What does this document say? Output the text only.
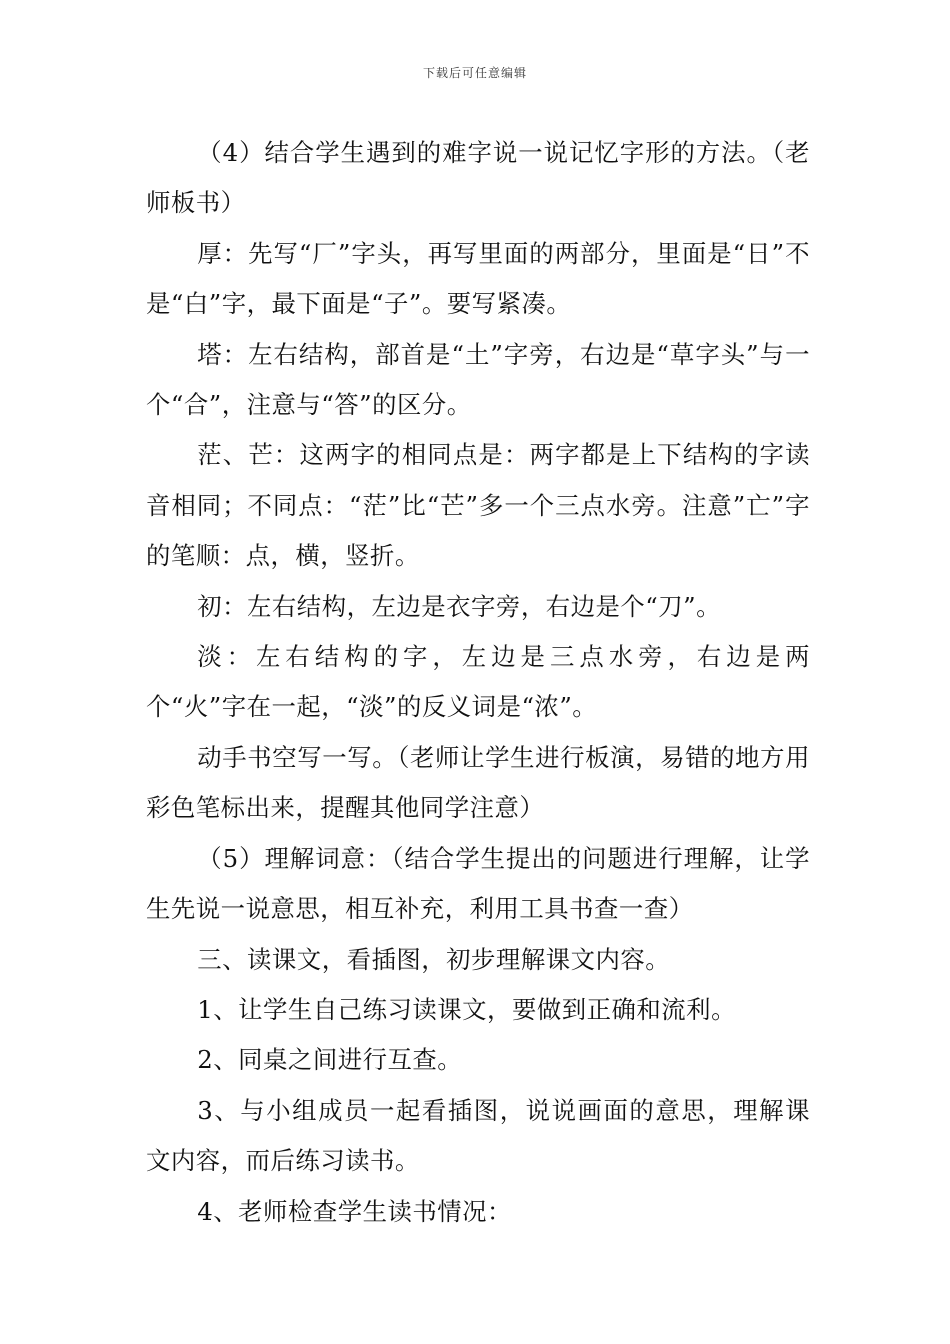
下载后可任意编辑

（4）结合学生遇到的难字说一说记忆字形的方法。（老师板书）

厚：先写“厂”字头，再写里面的两部分，里面是“日”不是“白”字，最下面是“子”。要写紧凑。

塔：左右结构，部首是“土”字旁，右边是“草字头”与一个“合”，注意与“答”的区分。

茫、芒：这两字的相同点是：两字都是上下结构的字读音相同；不同点：“茫”比“芒”多一个三点水旁。注意”亡”字的笔顺：点，横，竖折。

初：左右结构，左边是衣字旁，右边是个“刀”。

淡：左右结构的字，左边是三点水旁，右边是两个“火”字在一起，“淡”的反义词是“浓”。

动手书空写一写。（老师让学生进行板演，易错的地方用彩色笔标出来，提醒其他同学注意）

（5）理解词意：（结合学生提出的问题进行理解，让学生先说一说意思，相互补充，利用工具书查一查）

三、读课文，看插图，初步理解课文内容。

1、让学生自己练习读课文，要做到正确和流利。

2、同桌之间进行互查。

3、与小组成员一起看插图，说说画面的意思，理解课文内容，而后练习读书。

4、老师检查学生读书情况：
